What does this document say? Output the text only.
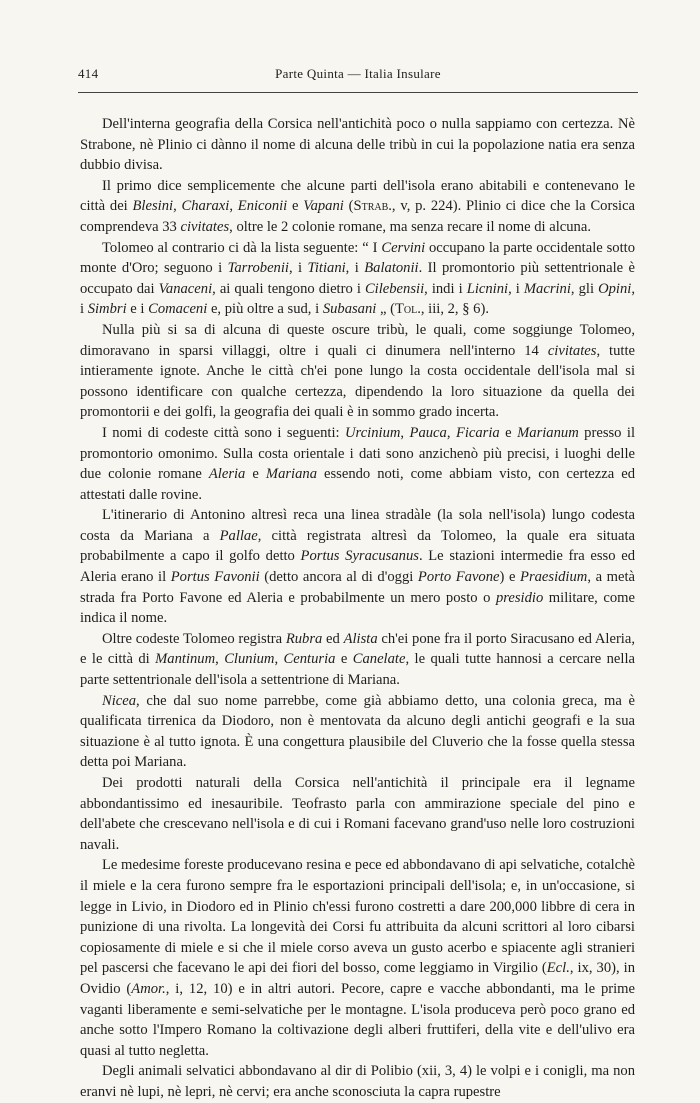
414	Parte Quinta — Italia Insulare

Dell'interna geografia della Corsica nell'antichità poco o nulla sappiamo con certezza. Nè Strabone, nè Plinio ci dànno il nome di alcuna delle tribù in cui la popolazione natia era senza dubbio divisa.

Il primo dice semplicemente che alcune parti dell'isola erano abitabili e contenevano le città dei Blesini, Charaxi, Eniconii e Vapani (Strab., v, p. 224). Plinio ci dice che la Corsica comprendeva 33 civitates, oltre le 2 colonie romane, ma senza recare il nome di alcuna.

Tolomeo al contrario ci dà la lista seguente: “ I Cervini occupano la parte occidentale sotto monte d'Oro; seguono i Tarrobenii, i Titiani, i Balatonii. Il promontorio più settentrionale è occupato dai Vanaceni, ai quali tengono dietro i Cilebensii, indi i Licnini, i Macrini, gli Opini, i Simbri e i Comaceni e, più oltre a sud, i Subasani „ (Tol., iii, 2, § 6).

Nulla più si sa di alcuna di queste oscure tribù, le quali, come soggiunge Tolomeo, dimoravano in sparsi villaggi, oltre i quali ci dinumera nell'interno 14 civitates, tutte intieramente ignote. Anche le città ch'ei pone lungo la costa occidentale dell'isola mal si possono identificare con qualche certezza, dipendendo la loro situazione da quella dei promontorii e dei golfi, la geografia dei quali è in sommo grado incerta.

I nomi di codeste città sono i seguenti: Urcinium, Pauca, Ficaria e Marianum presso il promontorio omonimo. Sulla costa orientale i dati sono anzichenò più precisi, i luoghi delle due colonie romane Aleria e Mariana essendo noti, come abbiam visto, con certezza ed attestati dalle rovine.

L'itinerario di Antonino altresì reca una linea stradàle (la sola nell'isola) lungo codesta costa da Mariana a Pallae, città registrata altresì da Tolomeo, la quale era situata probabilmente a capo il golfo detto Portus Syracusanus. Le stazioni intermedie fra esso ed Aleria erano il Portus Favonii (detto ancora al di d'oggi Porto Favone) e Praesidium, a metà strada fra Porto Favone ed Aleria e probabilmente un mero posto o presidio militare, come indica il nome.

Oltre codeste Tolomeo registra Rubra ed Alista ch'ei pone fra il porto Siracusano ed Aleria, e le città di Mantinum, Clunium, Centuria e Canelate, le quali tutte hannosi a cercare nella parte settentrionale dell'isola a settentrione di Mariana.

Nicea, che dal suo nome parrebbe, come già abbiamo detto, una colonia greca, ma è qualificata tirrenica da Diodoro, non è mentovata da alcuno degli antichi geografi e la sua situazione è al tutto ignota. È una congettura plausibile del Cluverio che la fosse quella stessa detta poi Mariana.

Dei prodotti naturali della Corsica nell'antichità il principale era il legname abbondantissimo ed inesauribile. Teofrasto parla con ammirazione speciale del pino e dell'abete che crescevano nell'isola e di cui i Romani facevano grand'uso nelle loro costruzioni navali.

Le medesime foreste producevano resina e pece ed abbondavano di api selvatiche, cotalchè il miele e la cera furono sempre fra le esportazioni principali dell'isola; e, in un'occasione, si legge in Livio, in Diodoro ed in Plinio ch'essi furono costretti a dare 200,000 libbre di cera in punizione di una rivolta. La longevità dei Corsi fu attribuita da alcuni scrittori al loro cibarsi copiosamente di miele e si che il miele corso aveva un gusto acerbo e spiacente agli stranieri pel pascersi che facevano le api dei fiori del bosso, come leggiamo in Virgilio (Ecl., ix, 30), in Ovidio (Amor., i, 12, 10) e in altri autori. Pecore, capre e vacche abbondanti, ma le prime vaganti liberamente e semi-selvatiche per le montagne. L'isola produceva però poco grano ed anche sotto l'Impero Romano la coltivazione degli alberi fruttiferi, della vite e dell'ulivo era quasi al tutto negletta.

Degli animali selvatici abbondavano al dir di Polibio (xii, 3, 4) le volpi e i conigli, ma non eranvi nè lupi, nè lepri, nè cervi; era anche sconosciuta la capra rupestre
